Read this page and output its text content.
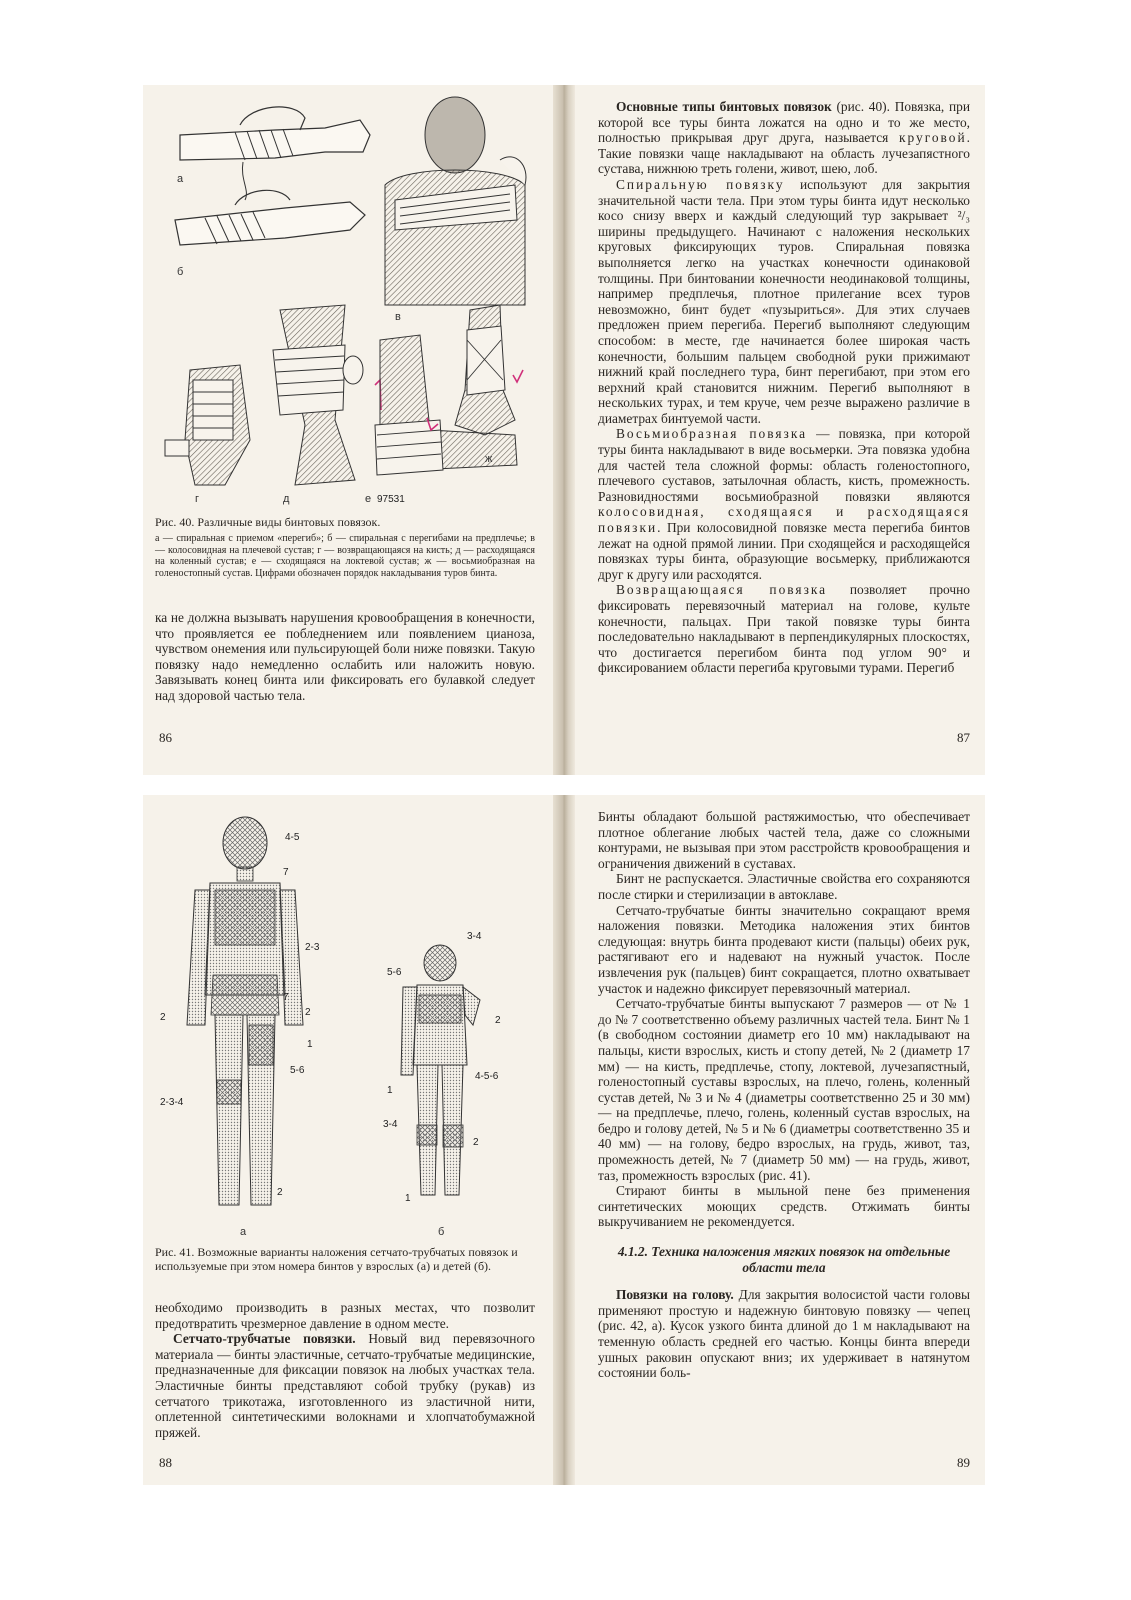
а
б
в
г	д	е 97531
ж
Рис. 40. Различные виды бинтовых повязок.
а — спиральная с приемом «перегиб»; б — спиральная с перегибами на предплечье; в — колосовидная на плечевой сустав; г — возвращающаяся на кисть; д — расходящаяся на коленный сустав; е — сходящаяся на локтевой сустав; ж — восьмиобразная на голеностопный сустав. Цифрами обозначен порядок накладывания туров бинта.

ка не должна вызывать нарушения кровообращения в конечности, что проявляется ее побледнением или появлением цианоза, чувством онемения или пульсирующей боли ниже повязки. Такую повязку надо немедленно ослабить или наложить новую. Завязывать конец бинта или фиксировать его булавкой следует над здоровой частью тела.

86

Основные типы бинтовых повязок (рис. 40). Повязка, при которой все туры бинта ложатся на одно и то же место, полностью прикрывая друг друга, называется круговой. Такие повязки чаще накладывают на область лучезапястного сустава, нижнюю треть голени, живот, шею, лоб.

Спиральную повязку используют для закрытия значительной части тела. При этом туры бинта идут несколько косо снизу вверх и каждый следующий тур закрывает ²/₃ ширины предыдущего. Начинают с наложения нескольких круговых фиксирующих туров. Спиральная повязка выполняется легко на участках конечности одинаковой толщины. При бинтовании конечности неодинаковой толщины, например предплечья, плотное прилегание всех туров невозможно, бинт будет «пузыриться». Для этих случаев предложен прием перегиба. Перегиб выполняют следующим способом: в месте, где начинается более широкая часть конечности, большим пальцем свободной руки прижимают нижний край последнего тура, бинт перегибают, при этом его верхний край становится нижним. Перегиб выполняют в нескольких турах, и тем круче, чем резче выражено различие в диаметрах бинтуемой части.

Восьмиобразная повязка — повязка, при которой туры бинта накладывают в виде восьмерки. Эта повязка удобна для частей тела сложной формы: область голеностопного, плечевого суставов, затылочная область, кисть, промежность. Разновидностями восьмиобразной повязки являются колосовидная, сходящаяся и расходящаяся повязки. При колосовидной повязке места перегиба бинтов лежат на одной прямой линии. При сходящейся и расходящейся повязках туры бинта, образующие восьмерку, приближаются друг к другу или расходятся.

Возвращающаяся повязка позволяет прочно фиксировать перевязочный материал на голове, культе конечности, пальцах. При такой повязке туры бинта последовательно накладывают в перпендикулярных плоскостях, что достигается перегибом бинта под углом 90° и фиксированием области перегиба круговыми турами. Перегиб

87
4-5
7
2-3
2
7
2
1
5-6
2-3-4
2
а
3-4
5-6
2
4-5-6
1
3-4
2
1
б
Рис. 41. Возможные варианты наложения сетчато-трубчатых повязок и используемые при этом номера бинтов у взрослых (а) и детей (б).

необходимо производить в разных местах, что позволит предотвратить чрезмерное давление в одном месте.

Сетчато-трубчатые повязки. Новый вид перевязочного материала — бинты эластичные, сетчато-трубчатые медицинские, предназначенные для фиксации повязок на любых участках тела. Эластичные бинты представляют собой трубку (рукав) из сетчатого трикотажа, изготовленного из эластичной нити, оплетенной синтетическими волокнами и хлопчатобумажной пряжей.

88

Бинты обладают большой растяжимостью, что обеспечивает плотное облегание любых частей тела, даже со сложными контурами, не вызывая при этом расстройств кровообращения и ограничения движений в суставах.

Бинт не распускается. Эластичные свойства его сохраняются после стирки и стерилизации в автоклаве.

Сетчато-трубчатые бинты значительно сокращают время наложения повязки. Методика наложения этих бинтов следующая: внутрь бинта продевают кисти (пальцы) обеих рук, растягивают его и надевают на нужный участок. После извлечения рук (пальцев) бинт сокращается, плотно охватывает участок и надежно фиксирует перевязочный материал.

Сетчато-трубчатые бинты выпускают 7 размеров — от № 1 до № 7 соответственно объему различных частей тела. Бинт № 1 (в свободном состоянии диаметр его 10 мм) накладывают на пальцы, кисти взрослых, кисть и стопу детей, № 2 (диаметр 17 мм) — на кисть, предплечье, стопу, локтевой, лучезапястный, голеностопный суставы взрослых, на плечо, голень, коленный сустав детей, № 3 и № 4 (диаметры соответственно 25 и 30 мм) — на предплечье, плечо, голень, коленный сустав взрослых, на бедро и голову детей, № 5 и № 6 (диаметры соответственно 35 и 40 мм) — на голову, бедро взрослых, на грудь, живот, таз, промежность детей, № 7 (диаметр 50 мм) — на грудь, живот, таз, промежность взрослых (рис. 41).

Стирают бинты в мыльной пене без применения синтетических моющих средств. Отжимать бинты выкручиванием не рекомендуется.

4.1.2. Техника наложения мягких повязок на отдельные области тела

Повязки на голову. Для закрытия волосистой части головы применяют простую и надежную бинтовую повязку — чепец (рис. 42, а). Кусок узкого бинта длиной до 1 м накладывают на теменную область средней его частью. Концы бинта впереди ушных раковин опускают вниз; их удерживает в натянутом состоянии боль-

89
